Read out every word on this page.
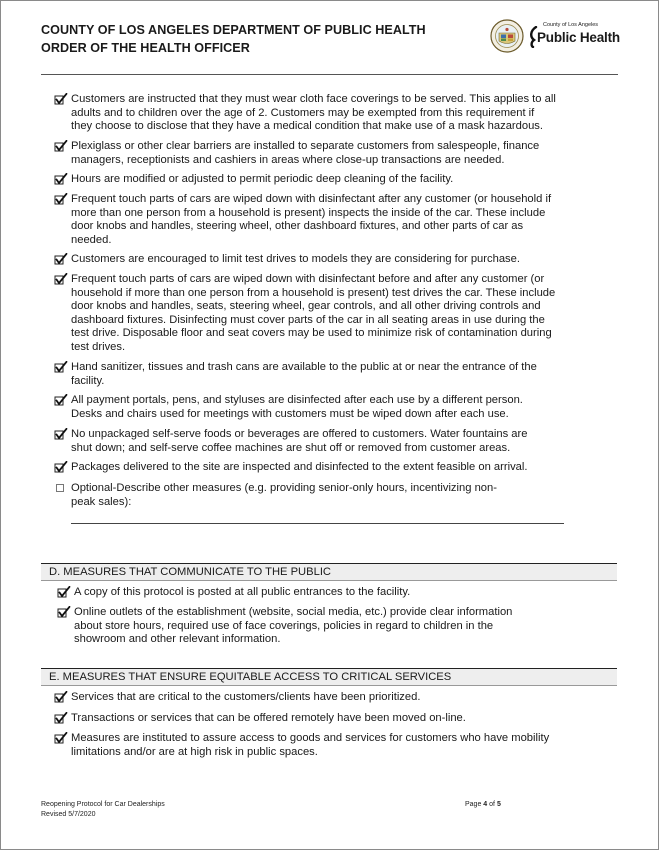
COUNTY OF LOS ANGELES DEPARTMENT OF PUBLIC HEALTH
ORDER OF THE HEALTH OFFICER
County of Los Angeles
Public Health
Customers are instructed that they must wear cloth face coverings to be served. This applies to all
adults and to children over the age of 2. Customers may be exempted from this requirement if
they choose to disclose that they have a medical condition that make use of a mask hazardous.
Plexiglass or other clear barriers are installed to separate customers from salespeople, finance
managers, receptionists and cashiers in areas where close-up transactions are needed.
Hours are modified or adjusted to permit periodic deep cleaning of the facility.
Frequent touch parts of cars are wiped down with disinfectant after any customer (or household if
more than one person from a household is present) inspects the inside of the car. These include
door knobs and handles, steering wheel, other dashboard fixtures, and other parts of car as
needed.
Customers are encouraged to limit test drives to models they are considering for purchase.
Frequent touch parts of cars are wiped down with disinfectant before and after any customer (or
household if more than one person from a household is present) test drives the car. These include
door knobs and handles, seats, steering wheel, gear controls, and all other driving controls and
dashboard fixtures. Disinfecting must cover parts of the car in all seating areas in use during the
test drive. Disposable floor and seat covers may be used to minimize risk of contamination during
test drives.
Hand sanitizer, tissues and trash cans are available to the public at or near the entrance of the
facility.
All payment portals, pens, and styluses are disinfected after each use by a different person.
Desks and chairs used for meetings with customers must be wiped down after each use.
No unpackaged self-serve foods or beverages are offered to customers. Water fountains are
shut down; and self-serve coffee machines are shut off or removed from customer areas.
Packages delivered to the site are inspected and disinfected to the extent feasible on arrival.
Optional-Describe other measures (e.g. providing senior-only hours, incentivizing non-
peak sales):
D. MEASURES THAT COMMUNICATE TO THE PUBLIC
A copy of this protocol is posted at all public entrances to the facility.
Online outlets of the establishment (website, social media, etc.) provide clear information
about store hours, required use of face coverings, policies in regard to children in the
showroom and other relevant information.
E. MEASURES THAT ENSURE EQUITABLE ACCESS TO CRITICAL SERVICES
Services that are critical to the customers/clients have been prioritized.
Transactions or services that can be offered remotely have been moved on-line.
Measures are instituted to assure access to goods and services for customers who have mobility
limitations and/or are at high risk in public spaces.
Reopening Protocol for Car Dealerships
Revised 5/7/2020
Page 4 of 5
